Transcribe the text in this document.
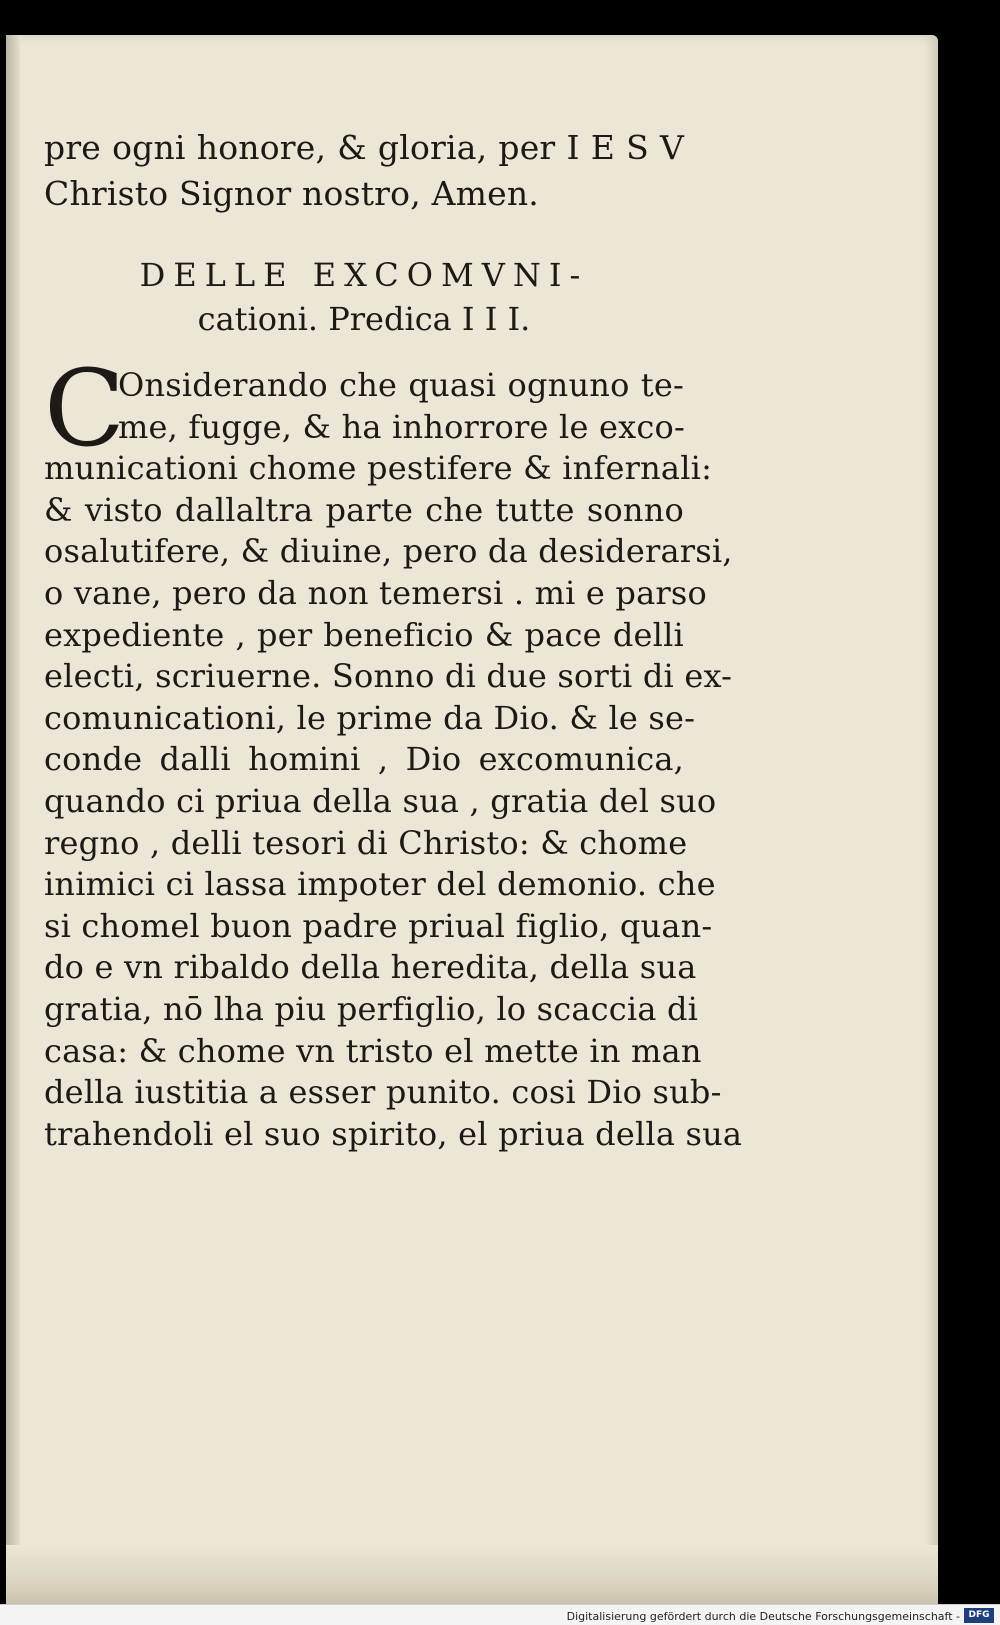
pre ogni honore, & gloria, per I E S V
Christo Signor nostro, Amen.
DELLE EXCOMVNI-
cationi. Predica I I I.
C
Onsiderando che quasi ognuno te-
me, fugge, & ha inhorrore le exco-
municationi chome pestifere & infernali:
& visto dallaltra parte che tutte sonno
osalutifere, & diuine, pero da desiderarsi,
o vane, pero da non temersi . mi e parso
expediente , per beneficio & pace delli
electi, scriuerne. Sonno di due sorti di ex-
comunicationi, le prime da Dio. & le se-
conde dalli homini , Dio excomunica,
quando ci priua della sua , gratia del suo
regno , delli tesori di Christo: & chome
inimici ci lassa impoter del demonio. che
si chomel buon padre priual figlio, quan-
do e vn ribaldo della heredita, della sua
gratia, nō lha piu perfiglio, lo scaccia di
casa: & chome vn tristo el mette in man
della iustitia a esser punito. cosi Dio sub-
trahendoli el suo spirito, el priua della sua
Digitalisierung gefördert durch die Deutsche Forschungsgemeinschaft - DFG
